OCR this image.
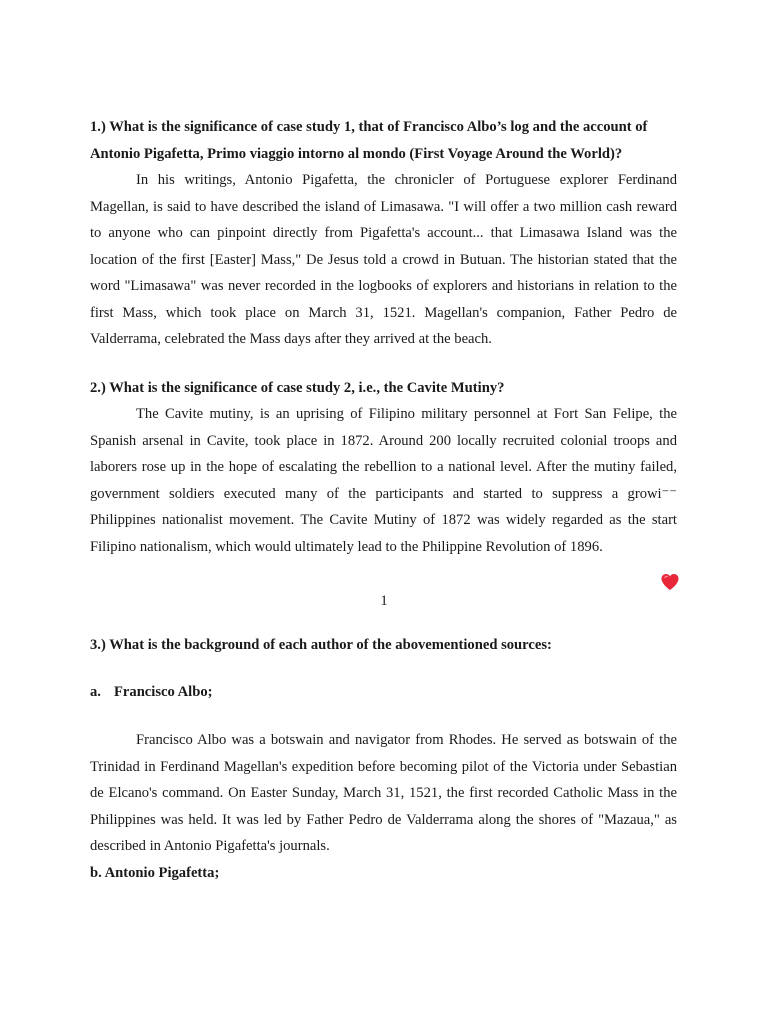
1.) What is the significance of case study 1, that of Francisco Albo’s log and the account of Antonio Pigafetta, Primo viaggio intorno al mondo (First Voyage Around the World)?

In his writings, Antonio Pigafetta, the chronicler of Portuguese explorer Ferdinand Magellan, is said to have described the island of Limasawa. "I will offer a two million cash reward to anyone who can pinpoint directly from Pigafetta's account... that Limasawa Island was the location of the first [Easter] Mass," De Jesus told a crowd in Butuan. The historian stated that the word "Limasawa" was never recorded in the logbooks of explorers and historians in relation to the first Mass, which took place on March 31, 1521. Magellan's companion, Father Pedro de Valderrama, celebrated the Mass days after they arrived at the beach.

2.) What is the significance of case study 2, i.e., the Cavite Mutiny?

The Cavite mutiny, is an uprising of Filipino military personnel at Fort San Felipe, the Spanish arsenal in Cavite, took place in 1872. Around 200 locally recruited colonial troops and laborers rose up in the hope of escalating the rebellion to a national level. After the mutiny failed, government soldiers executed many of the participants and started to suppress a growi⁻⁻ Philippines nationalist movement. The Cavite Mutiny of 1872 was widely regarded as the start Filipino nationalism, which would ultimately lead to the Philippine Revolution of 1896.

1

3.) What is the background of each author of the abovementioned sources:

a. Francisco Albo;

Francisco Albo was a botswain and navigator from Rhodes. He served as botswain of the Trinidad in Ferdinand Magellan's expedition before becoming pilot of the Victoria under Sebastian de Elcano's command. On Easter Sunday, March 31, 1521, the first recorded Catholic Mass in the Philippines was held. It was led by Father Pedro de Valderrama along the shores of "Mazaua," as described in Antonio Pigafetta's journals.

b. Antonio Pigafetta;
